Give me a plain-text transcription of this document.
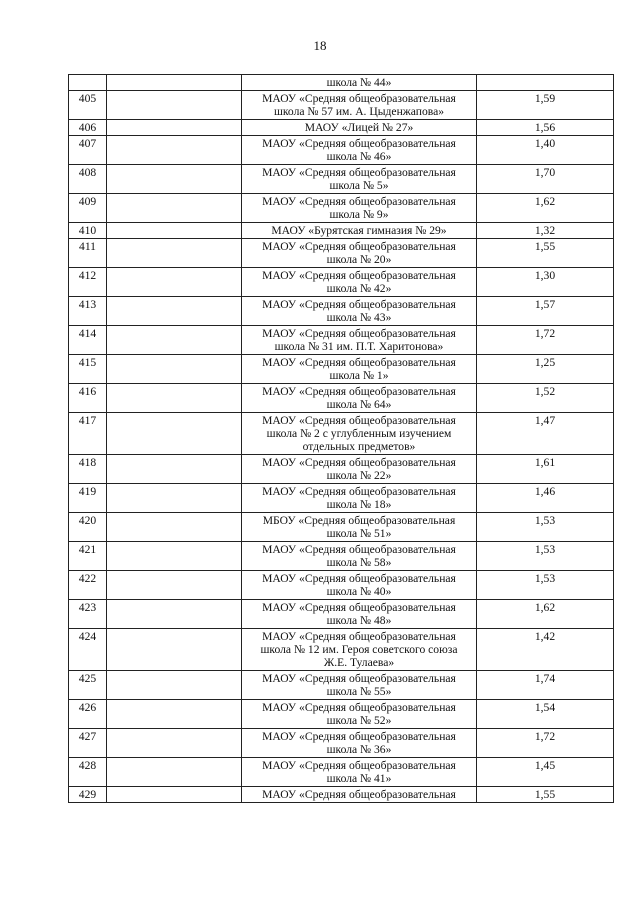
18

		школа № 44»	

405		МАОУ «Средняя общеобразовательная
школа № 57 им. А. Цыденжапова»	1,59
406		МАОУ «Лицей № 27»	1,56
407		МАОУ «Средняя общеобразовательная
школа № 46»	1,40
408		МАОУ «Средняя общеобразовательная
школа № 5»	1,70
409		МАОУ «Средняя общеобразовательная
школа № 9»	1,62
410		МАОУ «Бурятская гимназия № 29»	1,32
411		МАОУ «Средняя общеобразовательная
школа № 20»	1,55
412		МАОУ «Средняя общеобразовательная
школа № 42»	1,30
413		МАОУ «Средняя общеобразовательная
школа № 43»	1,57
414		МАОУ «Средняя общеобразовательная
школа № 31 им. П.Т. Харитонова»	1,72
415		МАОУ «Средняя общеобразовательная
школа № 1»	1,25
416		МАОУ «Средняя общеобразовательная
школа № 64»	1,52
417		МАОУ «Средняя общеобразовательная
школа № 2 с углубленным изучением
отдельных предметов»	1,47
418		МАОУ «Средняя общеобразовательная
школа № 22»	1,61
419		МАОУ «Средняя общеобразовательная
школа № 18»	1,46
420		МБОУ «Средняя общеобразовательная
школа № 51»	1,53
421		МАОУ «Средняя общеобразовательная
школа № 58»	1,53
422		МАОУ «Средняя общеобразовательная
школа № 40»	1,53
423		МАОУ «Средняя общеобразовательная
школа № 48»	1,62
424		МАОУ «Средняя общеобразовательная
школа № 12 им. Героя советского союза
Ж.Е. Тулаева»	1,42
425		МАОУ «Средняя общеобразовательная
школа № 55»	1,74
426		МАОУ «Средняя общеобразовательная
школа № 52»	1,54
427		МАОУ «Средняя общеобразовательная
школа № 36»	1,72
428		МАОУ «Средняя общеобразовательная
школа № 41»	1,45
429		МАОУ «Средняя общеобразовательная	1,55
